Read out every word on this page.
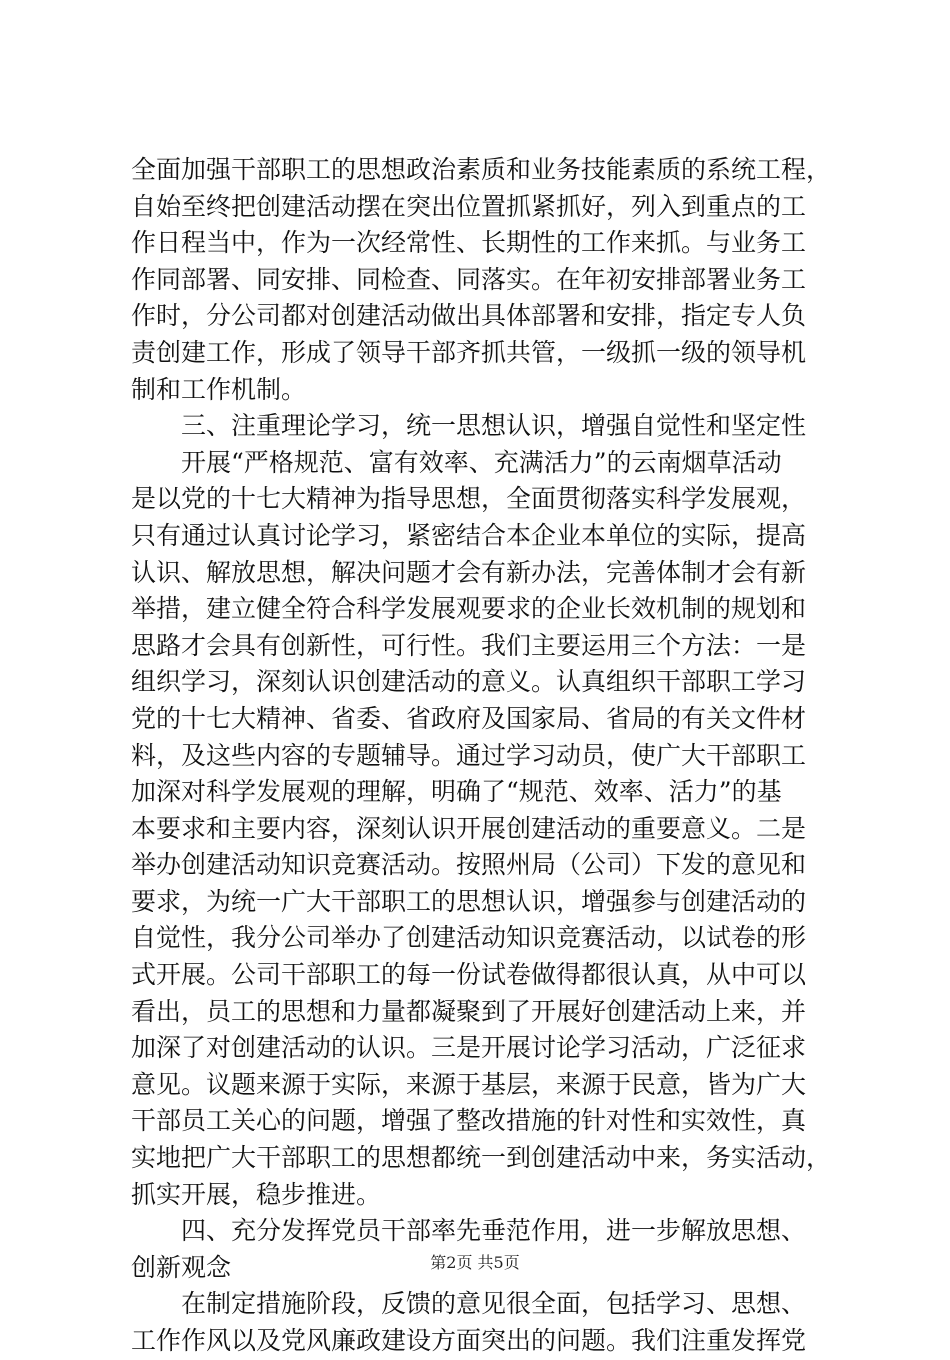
全面加强干部职工的思想政治素质和业务技能素质的系统工程，
自始至终把创建活动摆在突出位置抓紧抓好，列入到重点的工
作日程当中，作为一次经常性、长期性的工作来抓。与业务工
作同部署、同安排、同检查、同落实。在年初安排部署业务工
作时，分公司都对创建活动做出具体部署和安排，指定专人负
责创建工作，形成了领导干部齐抓共管，一级抓一级的领导机
制和工作机制。
三、注重理论学习，统一思想认识，增强自觉性和坚定性
开展“严格规范、富有效率、充满活力”的云南烟草活动
是以党的十七大精神为指导思想，全面贯彻落实科学发展观，
只有通过认真讨论学习，紧密结合本企业本单位的实际，提高
认识、解放思想，解决问题才会有新办法，完善体制才会有新
举措，建立健全符合科学发展观要求的企业长效机制的规划和
思路才会具有创新性，可行性。我们主要运用三个方法：一是
组织学习，深刻认识创建活动的意义。认真组织干部职工学习
党的十七大精神、省委、省政府及国家局、省局的有关文件材
料，及这些内容的专题辅导。通过学习动员，使广大干部职工
加深对科学发展观的理解，明确了“规范、效率、活力”的基
本要求和主要内容，深刻认识开展创建活动的重要意义。二是
举办创建活动知识竞赛活动。按照州局（公司）下发的意见和
要求，为统一广大干部职工的思想认识，增强参与创建活动的
自觉性，我分公司举办了创建活动知识竞赛活动，以试卷的形
式开展。公司干部职工的每一份试卷做得都很认真，从中可以
看出，员工的思想和力量都凝聚到了开展好创建活动上来，并
加深了对创建活动的认识。三是开展讨论学习活动，广泛征求
意见。议题来源于实际，来源于基层，来源于民意，皆为广大
干部员工关心的问题，增强了整改措施的针对性和实效性，真
实地把广大干部职工的思想都统一到创建活动中来，务实活动，
抓实开展，稳步推进。
四、充分发挥党员干部率先垂范作用，进一步解放思想、
创新观念
在制定措施阶段，反馈的意见很全面，包括学习、思想、
工作作风以及党风廉政建设方面突出的问题。我们注重发挥党
第2页 共5页
